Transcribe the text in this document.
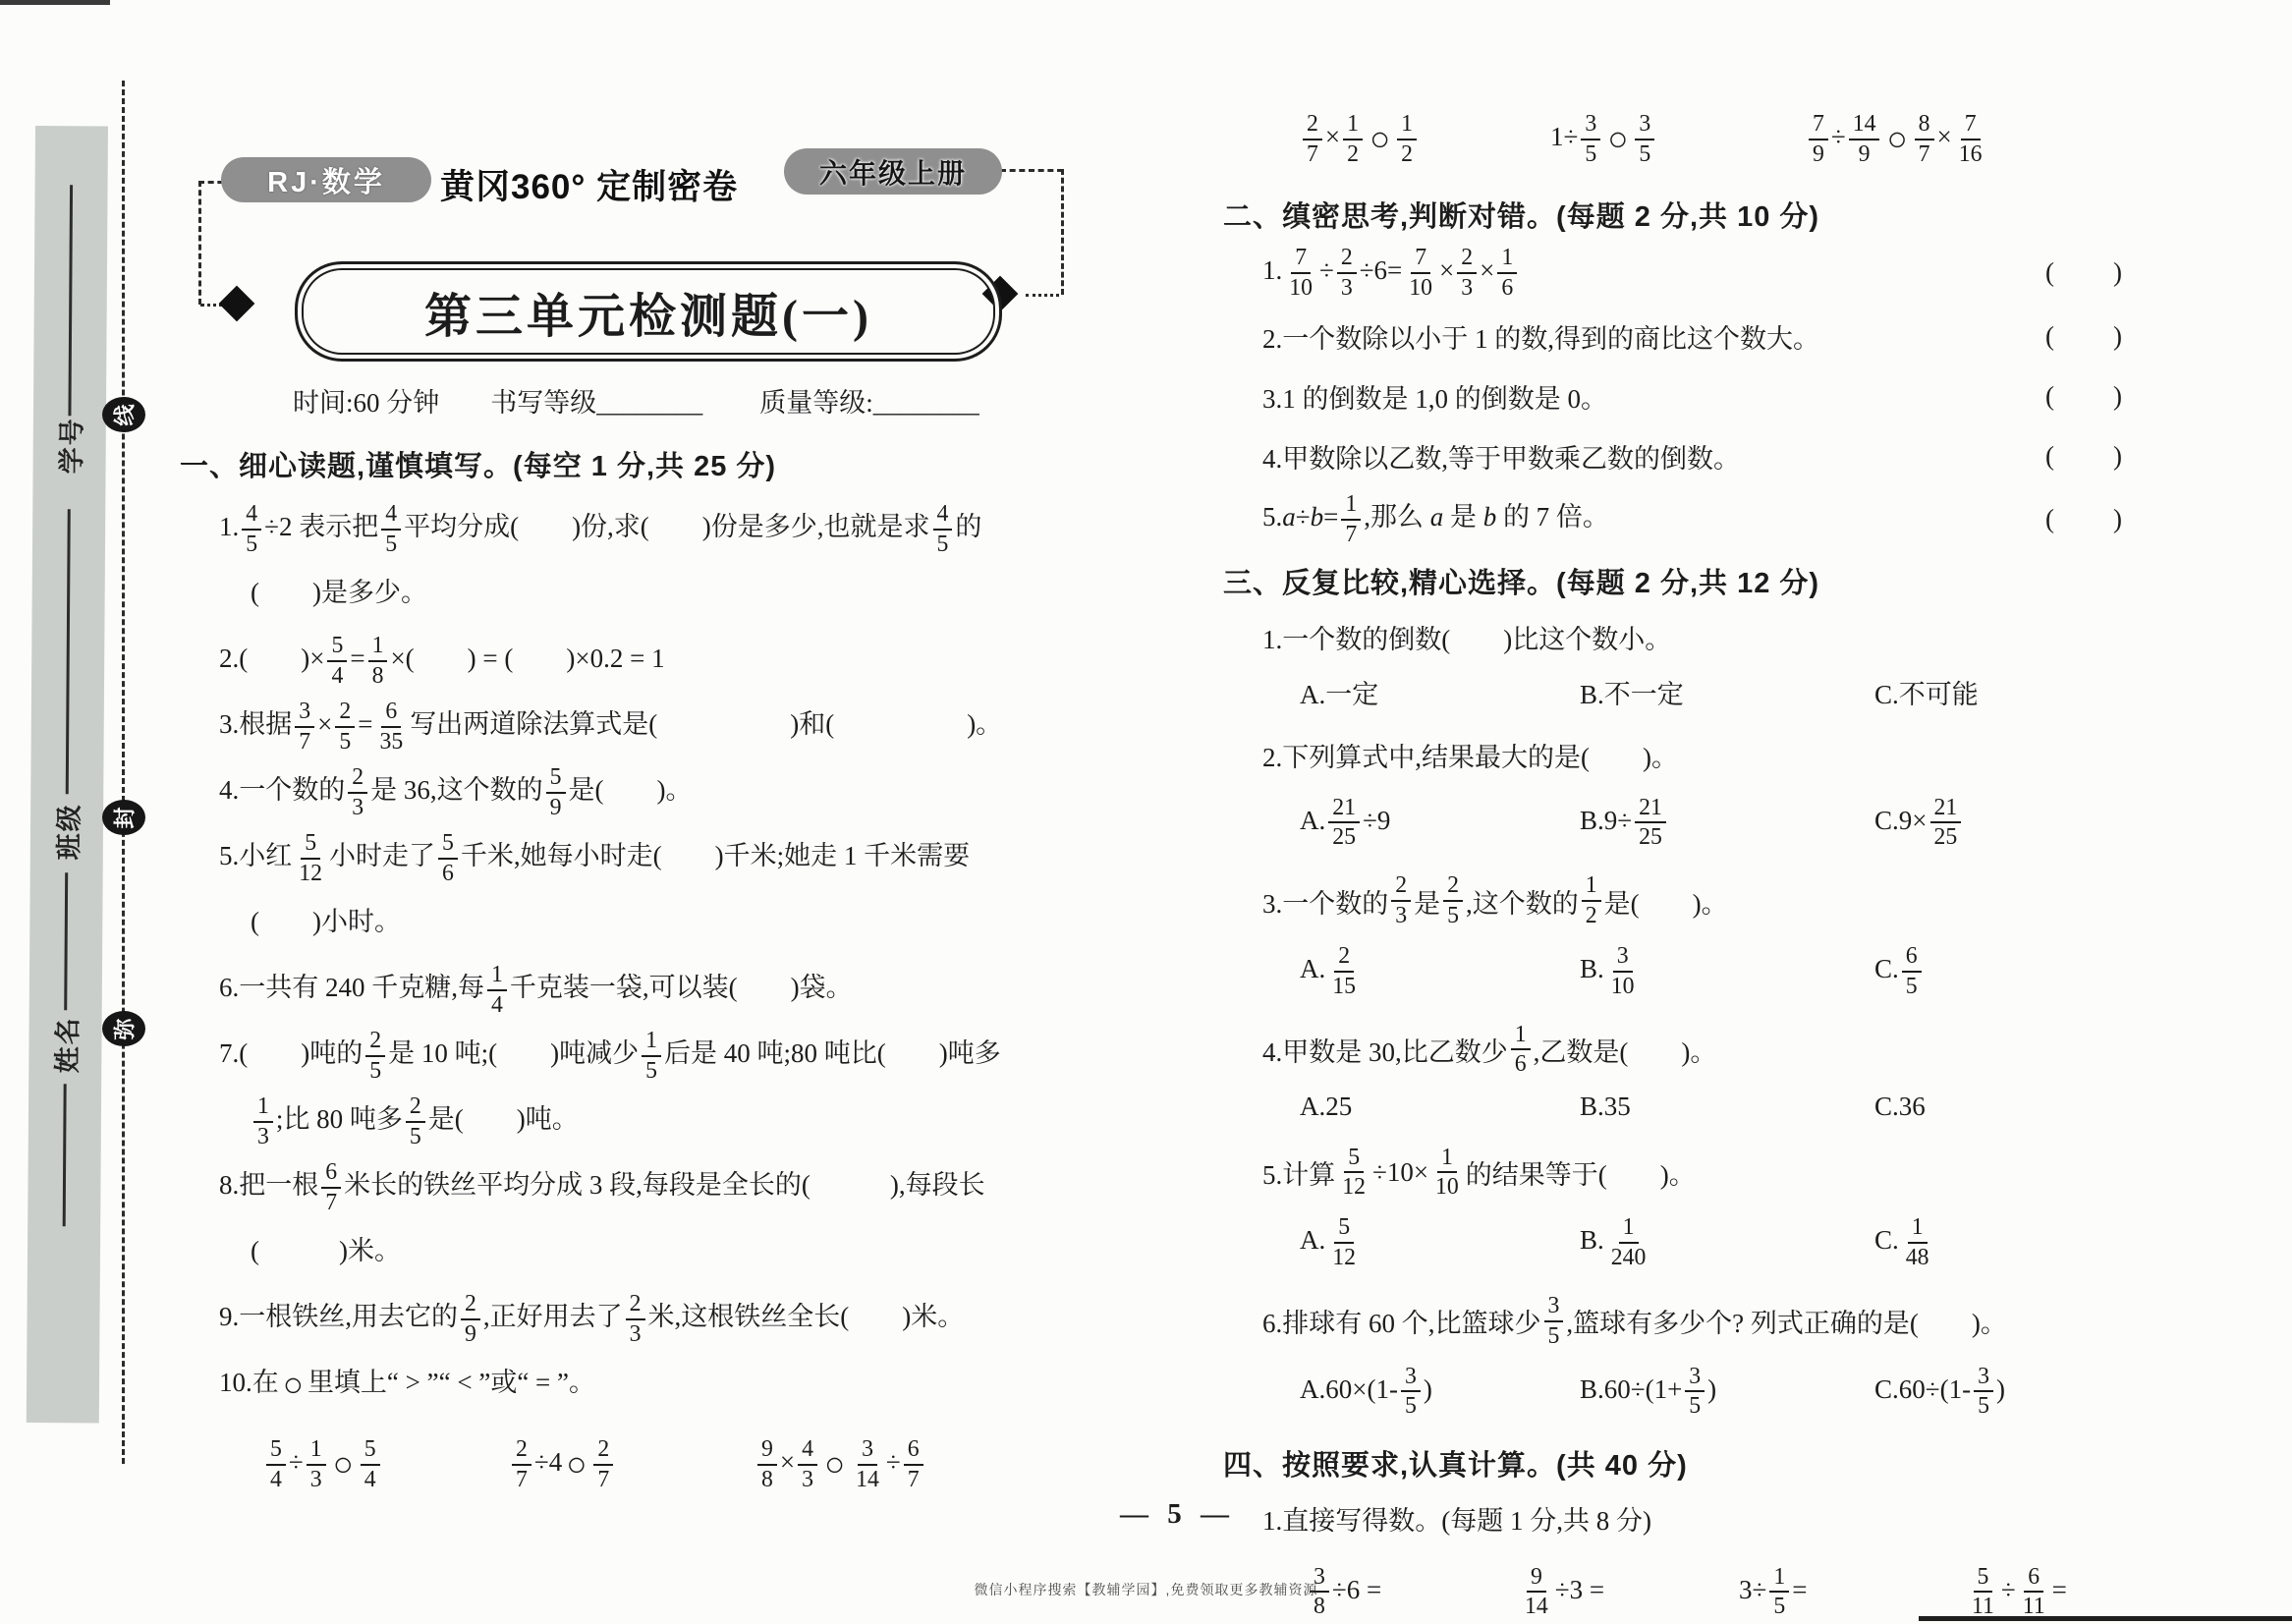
学号
班级
姓名
线
封
弥
RJ·数学 黄冈360° 定制密卷	六年级上册
第三单元检测题(一)
时间:60 分钟 书写等级________ 质量等级:________
一、细心读题,谨慎填写。(每空 1 分,共 25 分)
1. $\frac{4}{5} \div 2$ 表示把 $\frac{4}{5}$ 平均分成(  )份,求(  )份是多少,也就是求 $\frac{4}{5}$ 的
(  )是多少。
2.(  )× $\frac{5}{4} = \frac{1}{8}$ ×(  ) = (  )×0.2 = 1
3.根据 $\frac{3}{7} \times \frac{2}{5} = \frac{6}{35}$ 写出两道除法算式是(     )和(     )。
4.一个数的 $\frac{2}{3}$ 是 36,这个数的 $\frac{5}{9}$ 是(  )。
5.小红 $\frac{5}{12}$ 小时走了 $\frac{5}{6}$ 千米,她每小时走(  )千米;她走 1 千米需要
(  )小时。
6.一共有 240 千克糖,每 $\frac{1}{4}$ 千克装一袋,可以装(  )袋。
7.(  )吨的 $\frac{2}{5}$ 是 10 吨;(  )吨减少 $\frac{1}{5}$ 后是 40 吨;80 吨比(  )吨多
$\frac{1}{3}$ ;比 80 吨多 $\frac{2}{5}$ 是(  )吨。
8.把一根 $\frac{6}{7}$ 米长的铁丝平均分成 3 段,每段是全长的(   ),每段长
(   )米。
9.一根铁丝,用去它的 $\frac{2}{9}$ ,正好用去了 $\frac{2}{3}$ 米,这根铁丝全长(  )米。
10.在 ○ 里填上“ > ”“ < ”或“ = ”。
$\frac{5}{4} \div \frac{1}{3}$ ○ $\frac{5}{4}$	$\frac{2}{7} \div 4$ ○ $\frac{2}{7}$	$\frac{9}{8} \times \frac{4}{3}$ ○ $\frac{3}{14} \div \frac{6}{7}$
$\frac{2}{7} \times \frac{1}{2}$ ○ $\frac{1}{2}$	$1\div \frac{3}{5}$ ○ $\frac{3}{5}$	$\frac{7}{9} \div \frac{14}{9}$ ○ $\frac{8}{7} \times \frac{7}{16}$
二、缜密思考,判断对错。(每题 2 分,共 10 分)
1. $\frac{7}{10} \div \frac{2}{3} \div 6= \frac{7}{10} \times \frac{2}{3} \times \frac{1}{6}$	(  )
2.一个数除以小于 1 的数,得到的商比这个数大。	(  )
3.1 的倒数是 1,0 的倒数是 0。	(  )
4.甲数除以乙数,等于甲数乘乙数的倒数。	(  )
$5.a\div b= \frac{1}{7}$ ,那么 a 是 b 的 7 倍。	(  )
三、反复比较,精心选择。(每题 2 分,共 12 分)
1.一个数的倒数(  )比这个数小。
A.一定	B.不一定	C.不可能
2.下列算式中,结果最大的是(  )。
A. $\frac{21}{25} \div 9$	$B.9\div \frac{21}{25}$	$C.9\times \frac{21}{25}$
3.一个数的 $\frac{2}{3}$ 是 $\frac{2}{5}$ ,这个数的 $\frac{1}{2}$ 是(  )。
A. $\frac{2}{15}$	B. $\frac{3}{10}$	C. $\frac{6}{5}$
4.甲数是 30,比乙数少 $\frac{1}{6}$ ,乙数是(  )。
A.25	B.35	C.36
5.计算 $\frac{5}{12} \div 10\times \frac{1}{10}$ 的结果等于(  )。
A. $\frac{5}{12}$	B. $\frac{1}{240}$	C. $\frac{1}{48}$
6.排球有 60 个,比篮球少 $\frac{3}{5}$ ,篮球有多少个? 列式正确的是(  )。
$A.60\times(1- \frac{3}{5}$ )	$B.60\div(1+ \frac{3}{5}$ )	$C.60\div(1- \frac{3}{5}$ )
四、按照要求,认真计算。(共 40 分)
1.直接写得数。(每题 1 分,共 8 分)
$\frac{3}{8} \div 6$ =	$\frac{9}{14} \div 3$ =	$3\div \frac{1}{5}$ =	$\frac{5}{11} \div \frac{6}{11}$ =
— 5 —
微信小程序搜索【教辅学园】,免费领取更多教辅资源
